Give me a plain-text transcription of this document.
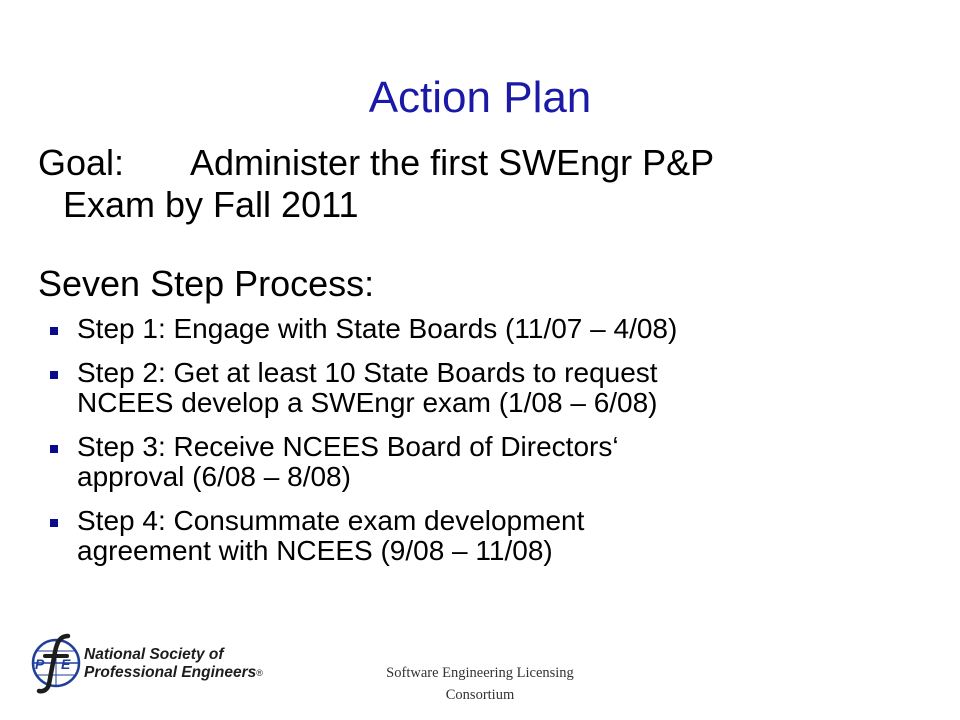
Action Plan
Goal: Administer the first SWEngr P&P
Exam by Fall 2011
Seven Step Process:
Step 1: Engage with State Boards (11/07 – 4/08)
Step 2: Get at least 10 State Boards to request
NCEES develop a SWEngr exam (1/08 – 6/08)
Step 3: Receive NCEES Board of Directors‘
approval (6/08 – 8/08)
Step 4: Consummate exam development
agreement with NCEES (9/08 – 11/08)
P E
National Society of
Professional Engineers®	Software Engineering Licensing
Consortium
